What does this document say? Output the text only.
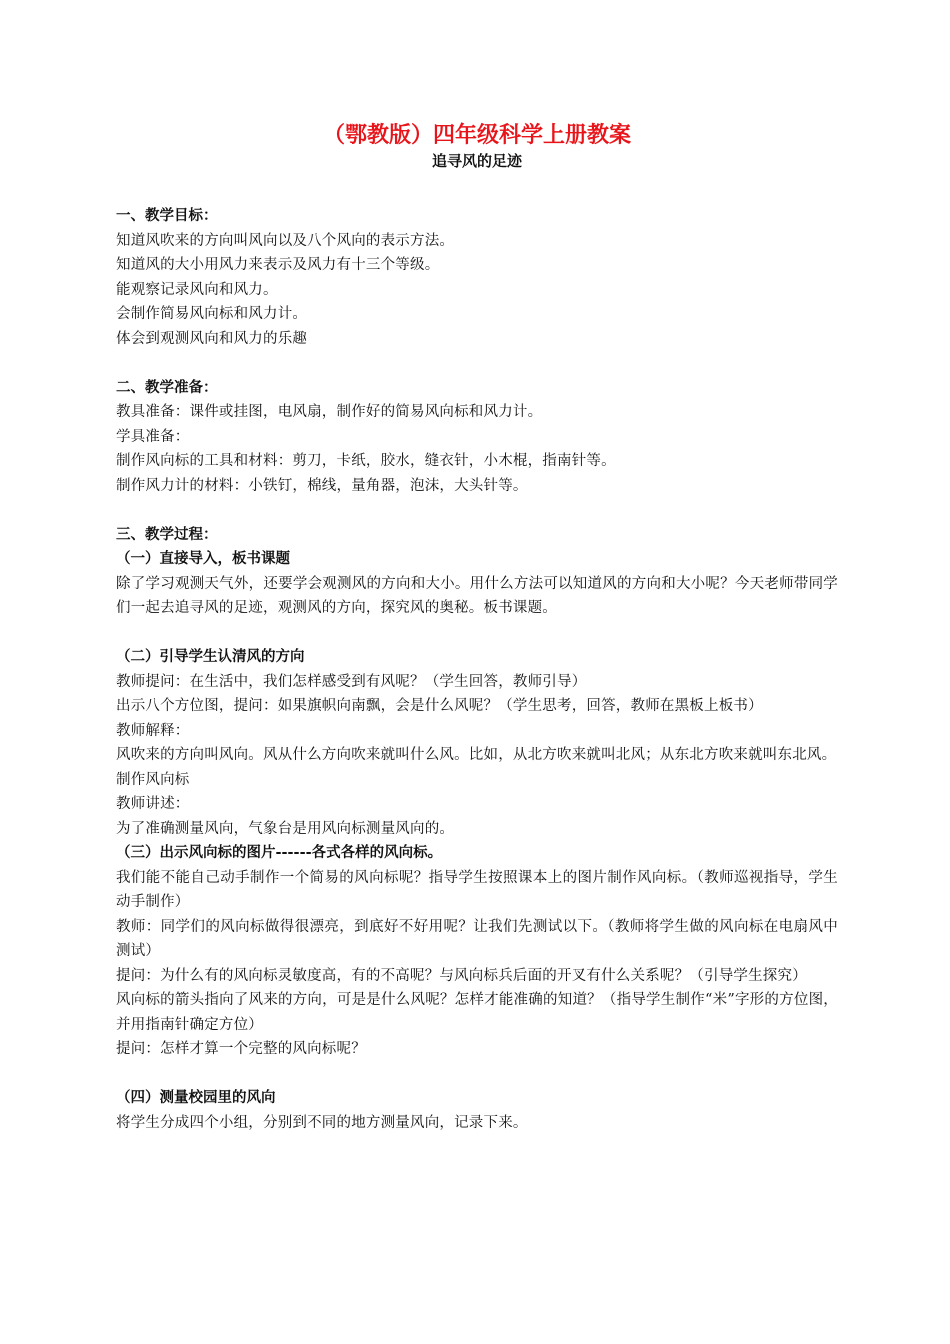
（鄂教版）四年级科学上册教案
追寻风的足迹

一、教学目标：

知道风吹来的方向叫风向以及八个风向的表示方法。

知道风的大小用风力来表示及风力有十三个等级。

能观察记录风向和风力。

会制作简易风向标和风力计。

体会到观测风向和风力的乐趣

二、教学准备：

教具准备：课件或挂图，电风扇，制作好的简易风向标和风力计。

学具准备：

制作风向标的工具和材料：剪刀，卡纸，胶水，缝衣针，小木棍，指南针等。

制作风力计的材料：小铁钉，棉线，量角器，泡沫，大头针等。

三、教学过程：

（一）直接导入，板书课题

除了学习观测天气外，还要学会观测风的方向和大小。用什么方法可以知道风的方向和大小呢？今天老师带同学们一起去追寻风的足迹，观测风的方向，探究风的奥秘。板书课题。

（二）引导学生认清风的方向

教师提问：在生活中，我们怎样感受到有风呢？（学生回答，教师引导）

出示八个方位图，提问：如果旗帜向南飘，会是什么风呢？（学生思考，回答，教师在黑板上板书）

教师解释：

风吹来的方向叫风向。风从什么方向吹来就叫什么风。比如，从北方吹来就叫北风；从东北方吹来就叫东北风。

制作风向标

教师讲述：

为了准确测量风向，气象台是用风向标测量风向的。

（三）出示风向标的图片------各式各样的风向标。

我们能不能自己动手制作一个简易的风向标呢？指导学生按照课本上的图片制作风向标。（教师巡视指导，学生动手制作）

教师：同学们的风向标做得很漂亮，到底好不好用呢？让我们先测试以下。（教师将学生做的风向标在电扇风中测试）

提问：为什么有的风向标灵敏度高，有的不高呢？与风向标兵后面的开叉有什么关系呢？（引导学生探究）

风向标的箭头指向了风来的方向，可是是什么风呢？怎样才能准确的知道？（指导学生制作“米”字形的方位图，并用指南针确定方位）

提问：怎样才算一个完整的风向标呢？

（四）测量校园里的风向

将学生分成四个小组，分别到不同的地方测量风向，记录下来。
